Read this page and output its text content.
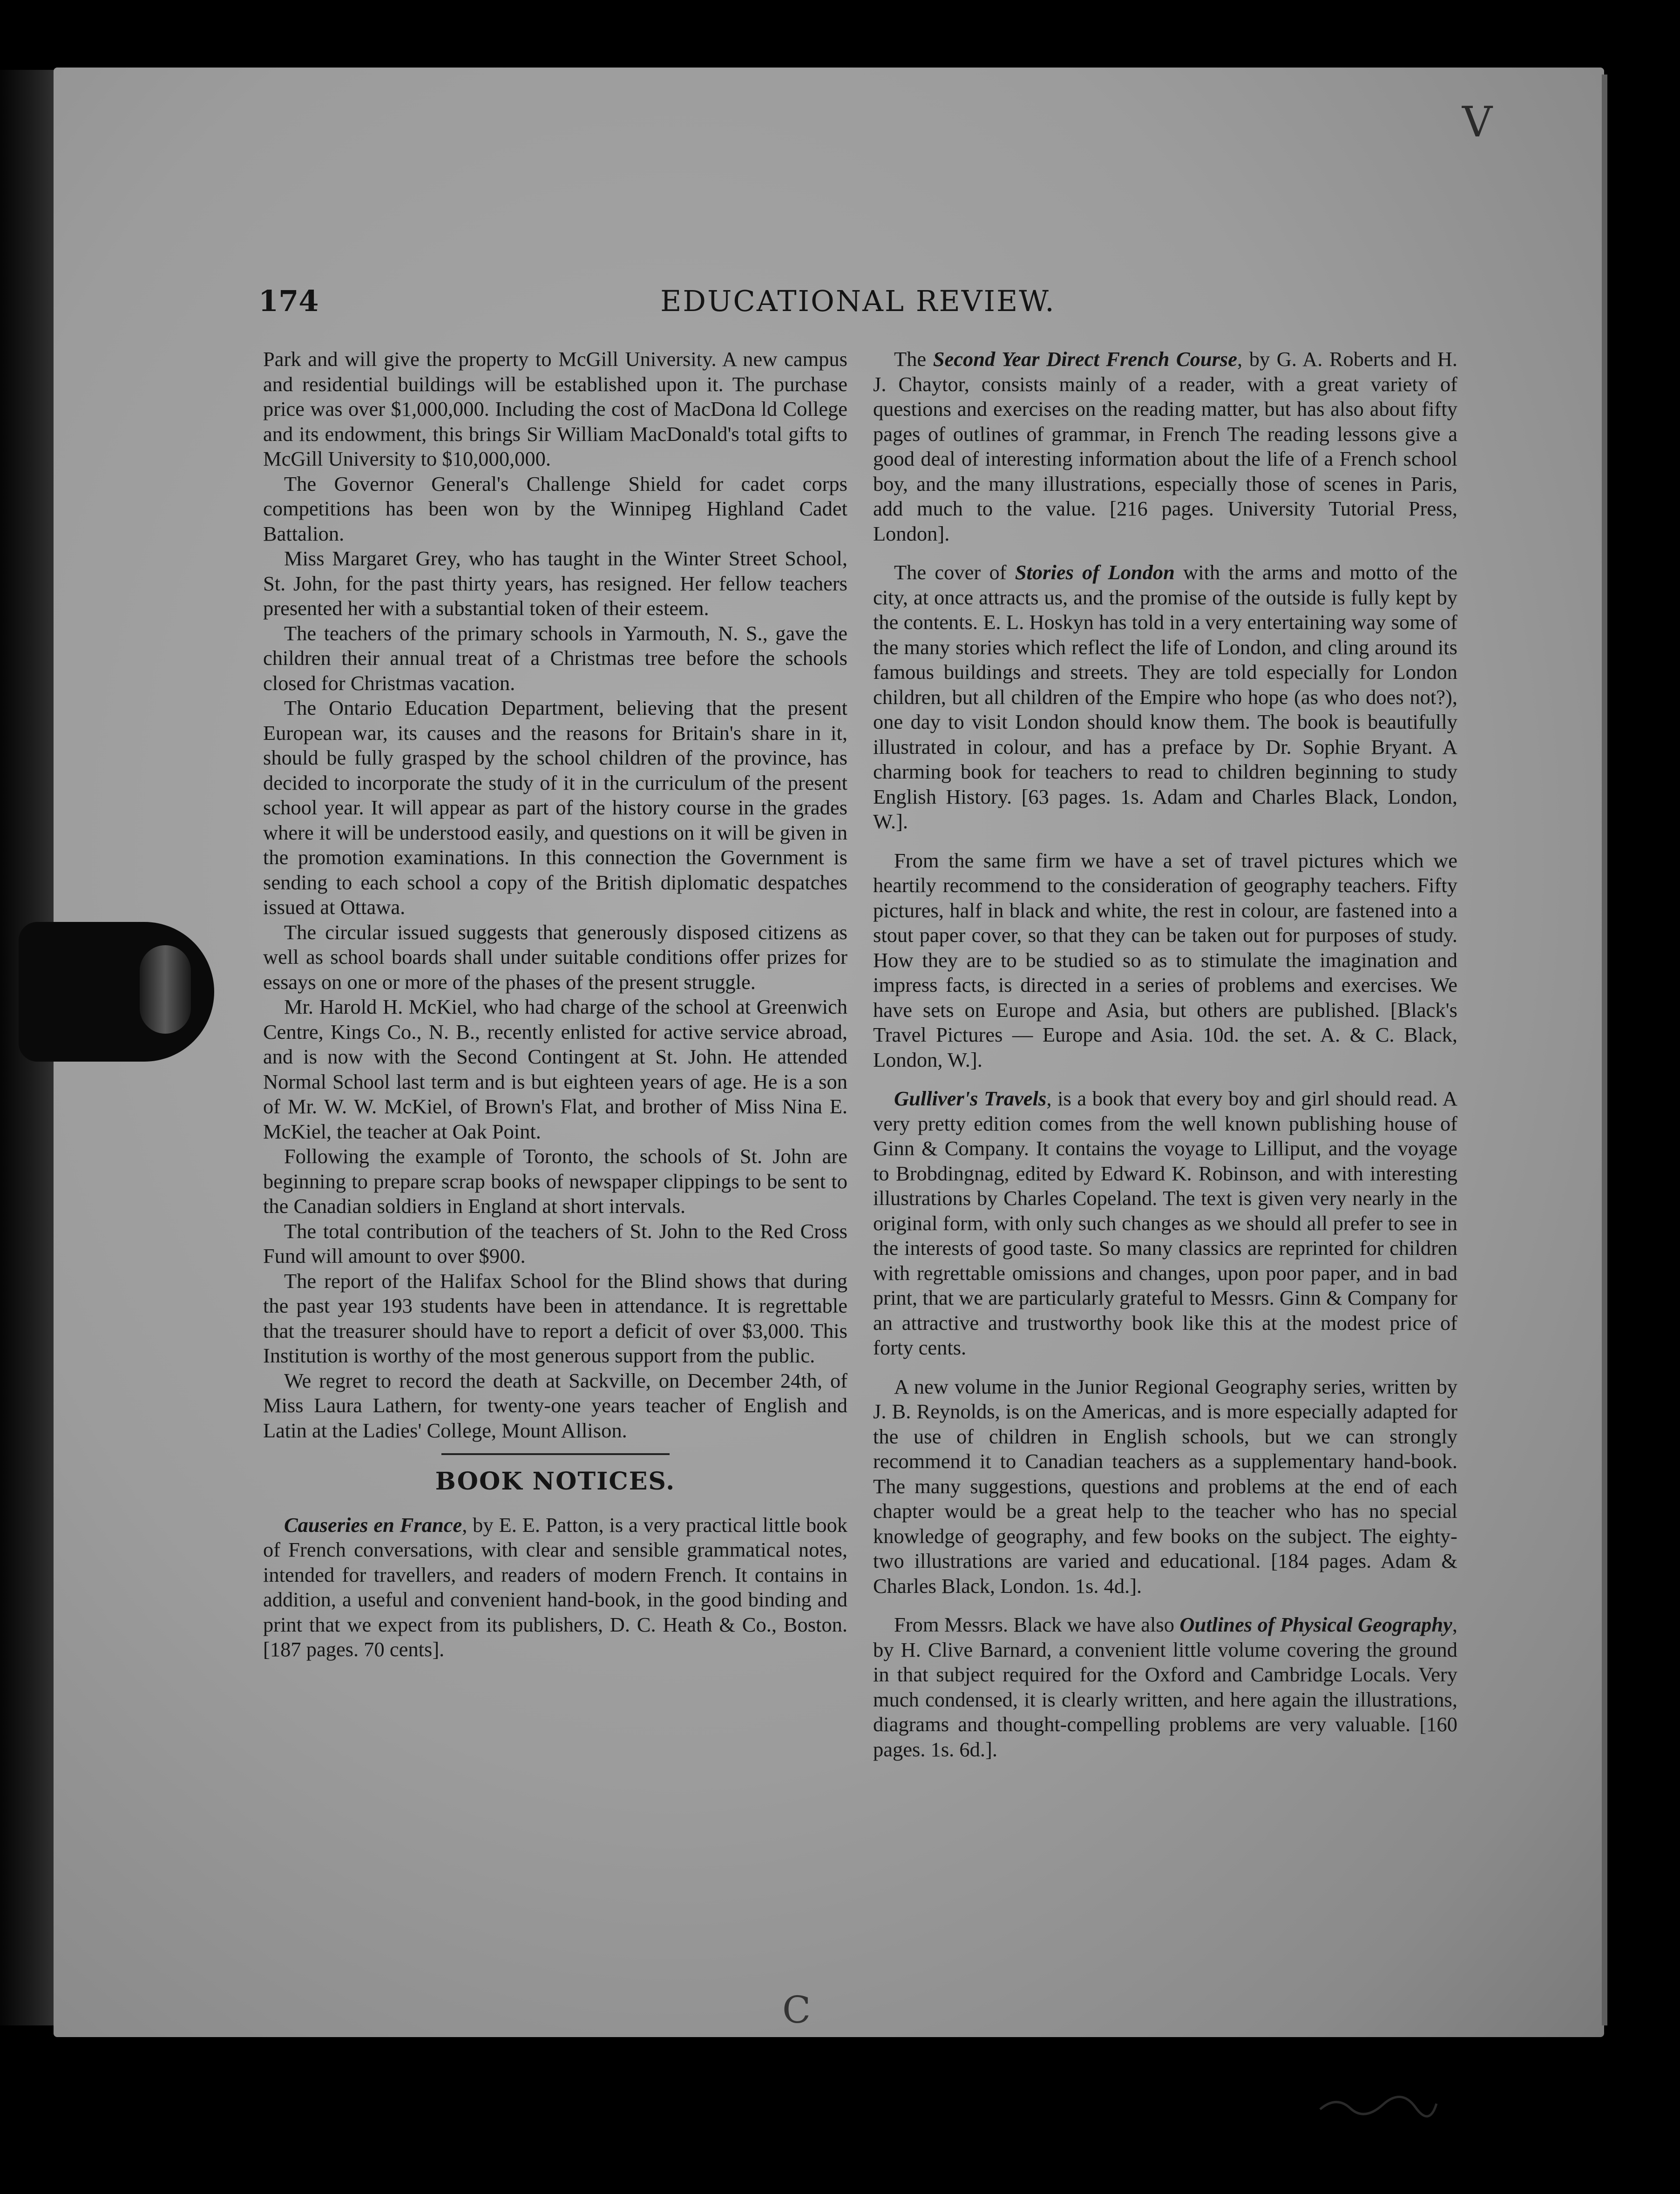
174	EDUCATIONAL REVIEW.

Park and will give the property to McGill University. A new campus and residential buildings will be established upon it. The purchase price was over $1,000,000. Including the cost of MacDona ld College and its endowment, this brings Sir William MacDonald's total gifts to McGill University to $10,000,000.

The Governor General's Challenge Shield for cadet corps competitions has been won by the Winnipeg Highland Cadet Battalion.

Miss Margaret Grey, who has taught in the Winter Street School, St. John, for the past thirty years, has resigned. Her fellow teachers presented her with a substantial token of their esteem.

The teachers of the primary schools in Yarmouth, N. S., gave the children their annual treat of a Christmas tree before the schools closed for Christmas vacation.

The Ontario Education Department, believing that the present European war, its causes and the reasons for Britain's share in it, should be fully grasped by the school children of the province, has decided to incorporate the study of it in the curriculum of the present school year. It will appear as part of the history course in the grades where it will be understood easily, and questions on it will be given in the promotion examinations. In this connection the Government is sending to each school a copy of the British diplomatic despatches issued at Ottawa.

The circular issued suggests that generously disposed citizens as well as school boards shall under suitable conditions offer prizes for essays on one or more of the phases of the present struggle.

Mr. Harold H. McKiel, who had charge of the school at Greenwich Centre, Kings Co., N. B., recently enlisted for active service abroad, and is now with the Second Contingent at St. John. He attended Normal School last term and is but eighteen years of age. He is a son of Mr. W. W. McKiel, of Brown's Flat, and brother of Miss Nina E. McKiel, the teacher at Oak Point.

Following the example of Toronto, the schools of St. John are beginning to prepare scrap books of newspaper clippings to be sent to the Canadian soldiers in England at short intervals.

The total contribution of the teachers of St. John to the Red Cross Fund will amount to over $900.

The report of the Halifax School for the Blind shows that during the past year 193 students have been in attendance. It is regrettable that the treasurer should have to report a deficit of over $3,000. This Institution is worthy of the most generous support from the public.

We regret to record the death at Sackville, on December 24th, of Miss Laura Lathern, for twenty-one years teacher of English and Latin at the Ladies' College, Mount Allison.

BOOK NOTICES.

Causeries en France, by E. E. Patton, is a very practical little book of French conversations, with clear and sensible grammatical notes, intended for travellers, and readers of modern French. It contains in addition, a useful and convenient hand-book, in the good binding and print that we expect from its publishers, D. C. Heath & Co., Boston. [187 pages. 70 cents].

The Second Year Direct French Course, by G. A. Roberts and H. J. Chaytor, consists mainly of a reader, with a great variety of questions and exercises on the reading matter, but has also about fifty pages of outlines of grammar, in French The reading lessons give a good deal of interesting information about the life of a French school boy, and the many illustrations, especially those of scenes in Paris, add much to the value. [216 pages. University Tutorial Press, London].

The cover of Stories of London with the arms and motto of the city, at once attracts us, and the promise of the outside is fully kept by the contents. E. L. Hoskyn has told in a very entertaining way some of the many stories which reflect the life of London, and cling around its famous buildings and streets. They are told especially for London children, but all children of the Empire who hope (as who does not?), one day to visit London should know them. The book is beautifully illustrated in colour, and has a preface by Dr. Sophie Bryant. A charming book for teachers to read to children beginning to study English History. [63 pages. 1s. Adam and Charles Black, London, W.].

From the same firm we have a set of travel pictures which we heartily recommend to the consideration of geography teachers. Fifty pictures, half in black and white, the rest in colour, are fastened into a stout paper cover, so that they can be taken out for purposes of study. How they are to be studied so as to stimulate the imagination and impress facts, is directed in a series of problems and exercises. We have sets on Europe and Asia, but others are published. [Black's Travel Pictures — Europe and Asia. 10d. the set. A. & C. Black, London, W.].

Gulliver's Travels, is a book that every boy and girl should read. A very pretty edition comes from the well known publishing house of Ginn & Company. It contains the voyage to Lilliput, and the voyage to Brobdingnag, edited by Edward K. Robinson, and with interesting illustrations by Charles Copeland. The text is given very nearly in the original form, with only such changes as we should all prefer to see in the interests of good taste. So many classics are reprinted for children with regrettable omissions and changes, upon poor paper, and in bad print, that we are particularly grateful to Messrs. Ginn & Company for an attractive and trustworthy book like this at the modest price of forty cents.

A new volume in the Junior Regional Geography series, written by J. B. Reynolds, is on the Americas, and is more especially adapted for the use of children in English schools, but we can strongly recommend it to Canadian teachers as a supplementary hand-book. The many suggestions, questions and problems at the end of each chapter would be a great help to the teacher who has no special knowledge of geography, and few books on the subject. The eighty-two illustrations are varied and educational. [184 pages. Adam & Charles Black, London. 1s. 4d.].

From Messrs. Black we have also Outlines of Physical Geography, by H. Clive Barnard, a convenient little volume covering the ground in that subject required for the Oxford and Cambridge Locals. Very much condensed, it is clearly written, and here again the illustrations, diagrams and thought-compelling problems are very valuable. [160 pages. 1s. 6d.].

C
V
